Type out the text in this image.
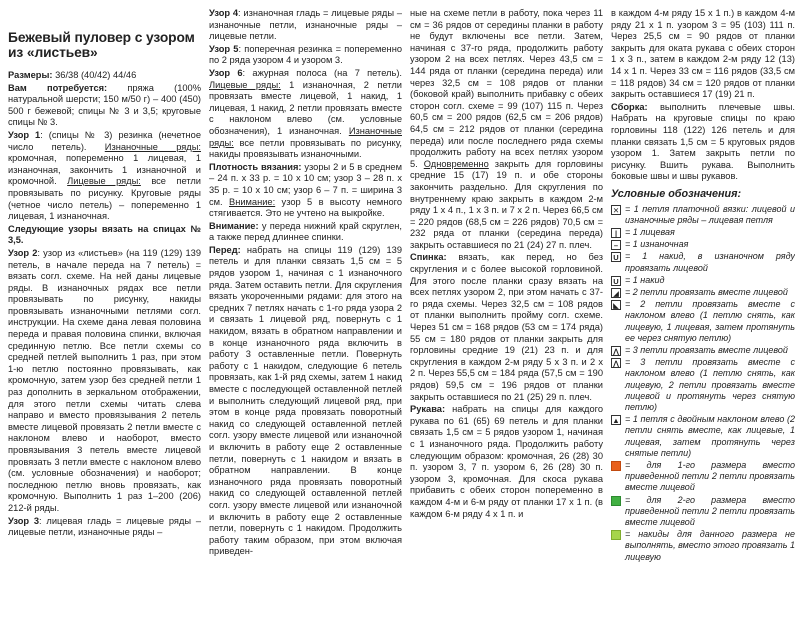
Бежевый пуловер с узором из «листьев»

Размеры: 36/38 (40/42) 44/46

Вам потребуется: пряжа (100% натуральной шерсти; 150 м/50 г) – 400 (450) 500 г бежевой; спицы № 3 и 3,5; круговые спицы № 3.

Узор 1: (спицы № 3) резинка (нечетное число петель). Изнаночные ряды: кромочная, попеременно 1 лицевая, 1 изнаночная, закончить 1 изнаночной и кромочной. Лицевые ряды: все петли провязывать по рисунку. Круговые ряды (четное число петель) – попеременно 1 лицевая, 1 изнаночная.

Следующие узоры вязать на спицах № 3,5.

Узор 2: узор из «листьев» (на 119 (129) 139 петель, в начале переда на 7 петель) = вязать согл. схеме. На ней даны лицевые ряды. В изнаночных рядах все петли провязывать по рисунку, накиды провязывать изнаночными петлями согл. инструкции. На схеме дана левая половина переда и правая половина спинки, включая срединную петлю. Все петли схемы со средней петлей выполнить 1 раз, при этом 1-ю петлю постоянно провязывать, как кромочную, затем узор без средней петли 1 раз дополнить в зеркальном отображении, для этого петли схемы читать слева направо и вместо провязывания 2 петель вместе лицевой провязать 2 петли вместе с наклоном влево и наоборот, вместо провязывания 3 петель вместе лицевой провязать 3 петли вместе с наклоном влево (см. условные обозначения) и наоборот; последнюю петлю вновь провязать, как кромочную. Выполнить 1 раз 1–200 (206) 212-й ряды.

Узор 3: лицевая гладь = лицевые ряды – лицевые петли, изнаночные ряды –

Узор 4: изнаночная гладь = лицевые ряды – изнаночные петли, изнаночные ряды – лицевые петли.

Узор 5: поперечная резинка = попеременно по 2 ряда узором 4 и узором 3.

Узор 6: ажурная полоса (на 7 петель). Лицевые ряды: 1 изнаночная, 2 петли провязать вместе лицевой, 1 накид, 1 лицевая, 1 накид, 2 петли провязать вместе с наклоном влево (см. условные обозначения), 1 изнаночная. Изнаночные ряды: все петли провязывать по рисунку, накиды провязывать изнаночными.

Плотность вязания: узоры 2 и 5 в среднем – 24 п. х 33 р. = 10 х 10 см; узор 3 – 28 п. х 35 р. = 10 х 10 см; узор 6 – 7 п. = ширина 3 см. Внимание: узор 5 в высоту немного стягивается. Это не учтено на выкройке.

Внимание: у переда нижний край скруглен, а также перед длиннее спинки.

Перед: набрать на спицы 119 (129) 139 петель и для планки связать 1,5 см = 5 рядов узором 1, начиная с 1 изнаночного ряда. Затем оставить петли. Для скругления вязать укороченными рядами: для этого на средних 7 петлях начать с 1-го ряда узора 2 и связать 1 лицевой ряд, повернуть с 1 накидом, вязать в обратном направлении и в конце изнаночного ряда включить в работу 3 оставленные петли. Повернуть работу с 1 накидом, следующие 6 петель провязать, как 1-й ряд схемы, затем 1 накид вместе с последующей оставленной петлей и выполнить следующий лицевой ряд, при этом в конце ряда провязать поворотный накид со следующей оставленной петлей согл. узору вместе лицевой или изнаночной и включить в работу еще 2 оставленные петли, повернуть с 1 накидом и вязать в обратном направлении. В конце изнаночного ряда провязать поворотный накид со следующей оставленной петлей согл. узору вместе лицевой или изнаночной и включить в работу еще 2 оставленные петли, повернуть с 1 накидом. Продолжить работу таким образом, при этом включая приведен-

ные на схеме петли в работу, пока через 11 см = 36 рядов от середины планки в работу не будут включены все петли. Затем, начиная с 37-го ряда, продолжить работу узором 2 на всех петлях. Через 43,5 см = 144 ряда от планки (середина переда) или через 32,5 см = 108 рядов от планки (боковой край) выполнить прибавку с обеих сторон согл. схеме = 99 (107) 115 п. Через 60,5 см = 200 рядов (62,5 см = 206 рядов) 64,5 см = 212 рядов от планки (середина переда) или после последнего ряда схемы продолжить работу на всех петлях узором 5. Одновременно закрыть для горловины средние 15 (17) 19 п. и обе стороны закончить раздельно. Для скругления по внутреннему краю закрыть в каждом 2-м ряду 1 х 4 п., 1 х 3 п. и 7 х 2 п. Через 66,5 см = 220 рядов (68,5 см = 226 рядов) 70,5 см = 232 ряда от планки (середина переда) закрыть оставшиеся по 21 (24) 27 п. плеч.

Спинка: вязать, как перед, но без скругления и с более высокой горловиной. Для этого после планки сразу вязать на всех петлях узором 2, при этом начать с 37-го ряда схемы. Через 32,5 см = 108 рядов от планки выполнить пройму согл. схеме. Через 51 см = 168 рядов (53 см = 174 ряда) 55 см = 180 рядов от планки закрыть для горловины средние 19 (21) 23 п. и для скругления в каждом 2-м ряду 5 х 3 п. и 2 х 2 п. Через 55,5 см = 184 ряда (57,5 см = 190 рядов) 59,5 см = 196 рядов от планки закрыть оставшиеся по 21 (25) 29 п. плеч.

Рукава: набрать на спицы для каждого рукава по 61 (65) 69 петель и для планки связать 1,5 см = 5 рядов узором 1, начиная с 1 изнаночного ряда. Продолжить работу следующим образом: кромочная, 26 (28) 30 п. узором 3, 7 п. узором 6, 26 (28) 30 п. узором 3, кромочная. Для скоса рукава прибавить с обеих сторон попеременно в каждом 4-м и 6-м ряду от планки 17 х 1 п. (в каждом 6-м ряду 4 х 1 п. и

в каждом 4-м ряду 15 х 1 п.) в каждом 4-м ряду 21 х 1 п. узором 3 = 95 (103) 111 п. Через 25,5 см = 90 рядов от планки закрыть для оката рукава с обеих сторон 1 х 3 п., затем в каждом 2-м ряду 12 (13) 14 х 1 п. Через 33 см = 116 рядов (33,5 см = 118 рядов) 34 см = 120 рядов от планки закрыть оставшиеся 17 (19) 21 п.

Сборка: выполнить плечевые швы. Набрать на круговые спицы по краю горловины 118 (122) 126 петель и для планки связать 1,5 см = 5 круговых рядов узором 1. Затем закрыть петли по рисунку. Вшить рукава. Выполнить боковые швы и швы рукавов.

Условные обозначения:
✕ = 1 петля платочной вязки: лицевой и изнаночные ряды – лицевая петля
| = 1 лицевая
– = 1 изнаночная
U = 1 накид, в изнаночном ряду провязать лицевой
U = 1 накид
◢ = 2 петли провязать вместе лицевой
◣ = 2 петли провязать вместе с наклоном влево (1 петлю снять, как лицевую, 1 лицевая, затем протянуть ее через снятую петлю)
⋀ = 3 петли провязать вместе лицевой
⋀ = 3 петли провязать вместе с наклоном влево (1 петлю снять, как лицевую, 2 петли провязать вместе лицевой и протянуть через снятую петлю)
▲ = 1 петля с двойным наклоном влево (2 петли снять вместе, как лицевые, 1 лицевая, затем протянуть через снятые петли)
= для 1-го размера вместо приведенной петли 2 петли провязать вместе лицевой
= для 2-го размера вместо приведенной петли 2 петли провязать вместе лицевой
= накиды для данного размера не выполнять, вместо этого провязать 1 лицевую
